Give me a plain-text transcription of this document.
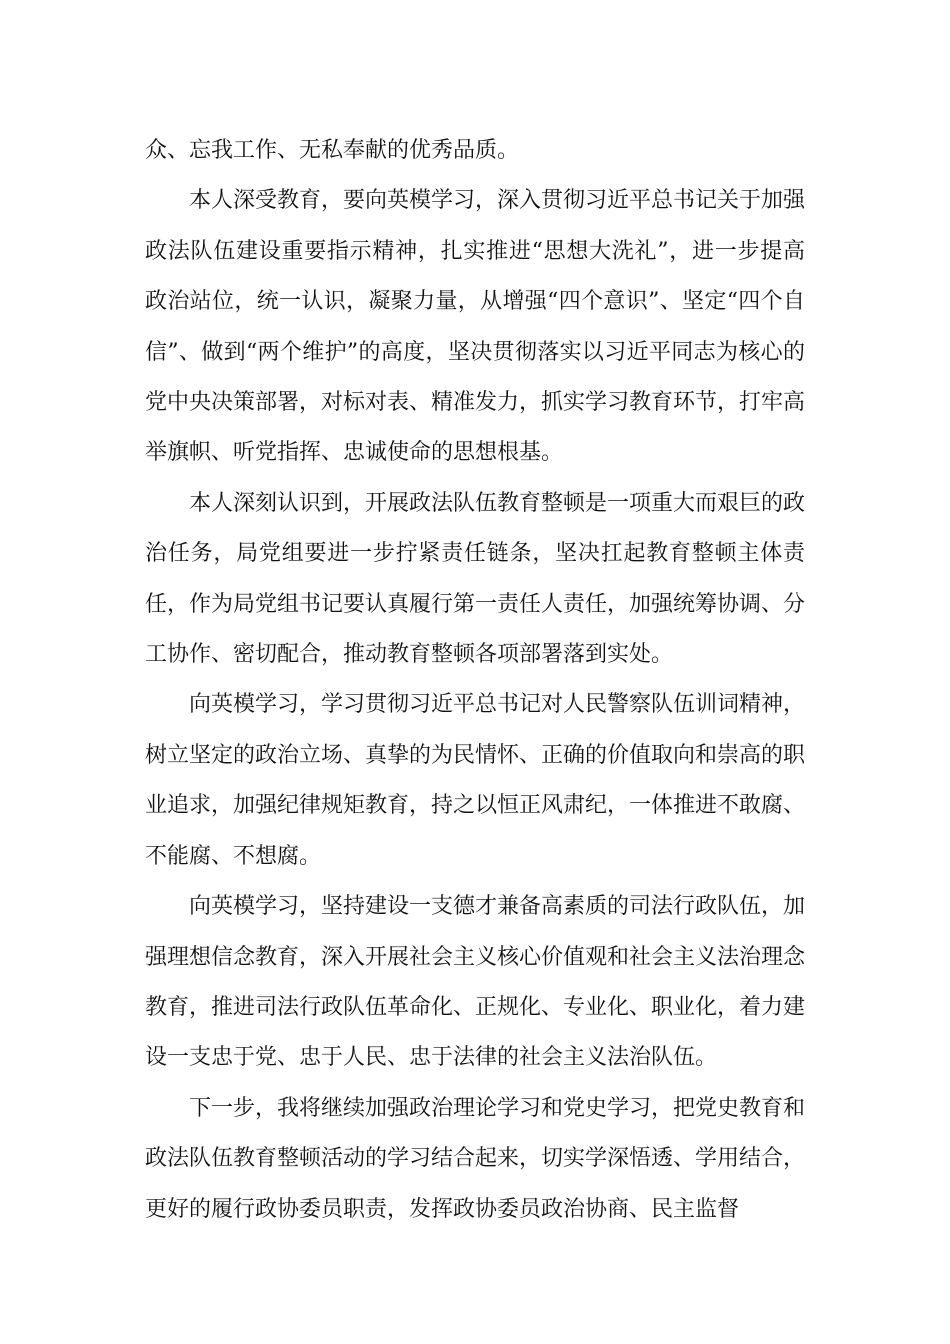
众、忘我工作、无私奉献的优秀品质。

本人深受教育，要向英模学习，深入贯彻习近平总书记关于加强政法队伍建设重要指示精神，扎实推进“思想大洗礼”，进一步提高政治站位，统一认识，凝聚力量，从增强“四个意识”、坚定“四个自信”、做到“两个维护”的高度，坚决贯彻落实以习近平同志为核心的党中央决策部署，对标对表、精准发力，抓实学习教育环节，打牢高举旗帜、听党指挥、忠诚使命的思想根基。

本人深刻认识到，开展政法队伍教育整顿是一项重大而艰巨的政治任务，局党组要进一步拧紧责任链条，坚决扛起教育整顿主体责任，作为局党组书记要认真履行第一责任人责任，加强统筹协调、分工协作、密切配合，推动教育整顿各项部署落到实处。

向英模学习，学习贯彻习近平总书记对人民警察队伍训词精神，树立坚定的政治立场、真挚的为民情怀、正确的价值取向和崇高的职业追求，加强纪律规矩教育，持之以恒正风肃纪，一体推进不敢腐、不能腐、不想腐。

向英模学习，坚持建设一支德才兼备高素质的司法行政队伍，加强理想信念教育，深入开展社会主义核心价值观和社会主义法治理念教育，推进司法行政队伍革命化、正规化、专业化、职业化，着力建设一支忠于党、忠于人民、忠于法律的社会主义法治队伍。

下一步，我将继续加强政治理论学习和党史学习，把党史教育和政法队伍教育整顿活动的学习结合起来，切实学深悟透、学用结合，更好的履行政协委员职责，发挥政协委员政治协商、民主监督
